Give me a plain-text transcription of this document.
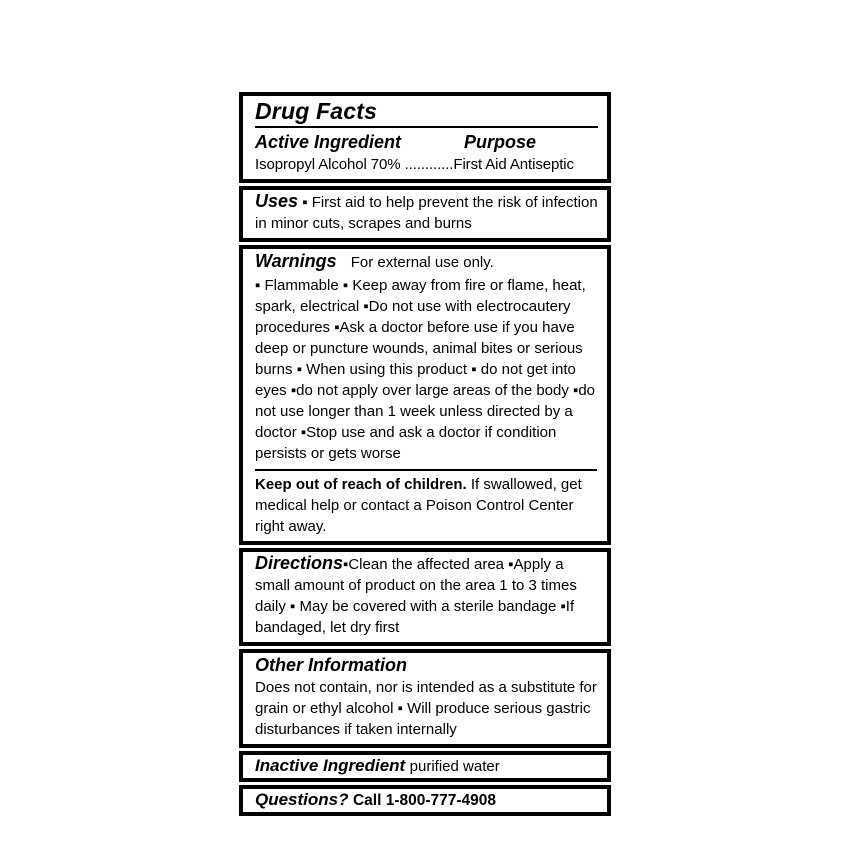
Drug Facts
Active Ingredient	Purpose
Isopropyl Alcohol 70% ............First Aid Antiseptic

Uses ▪ First aid to help prevent the risk of infection in minor cuts, scrapes and burns

Warnings For external use only.

▪ Flammable ▪ Keep away from fire or flame, heat, spark, electrical ▪Do not use with electrocautery procedures ▪Ask a doctor before use if you have deep or puncture wounds, animal bites or serious burns ▪ When using this product ▪ do not get into eyes ▪do not apply over large areas of the body ▪do not use longer than 1 week unless directed by a doctor ▪Stop use and ask a doctor if condition persists or gets worse

Keep out of reach of children. If swallowed, get medical help or contact a Poison Control Center right away.

Directions▪Clean the affected area ▪Apply a small amount of product on the area 1 to 3 times daily ▪ May be covered with a sterile bandage ▪If bandaged, let dry first

Other Information

Does not contain, nor is intended as a substitute for grain or ethyl alcohol ▪ Will produce serious gastric disturbances if taken internally

Inactive Ingredient purified water

Questions? Call 1-800-777-4908
